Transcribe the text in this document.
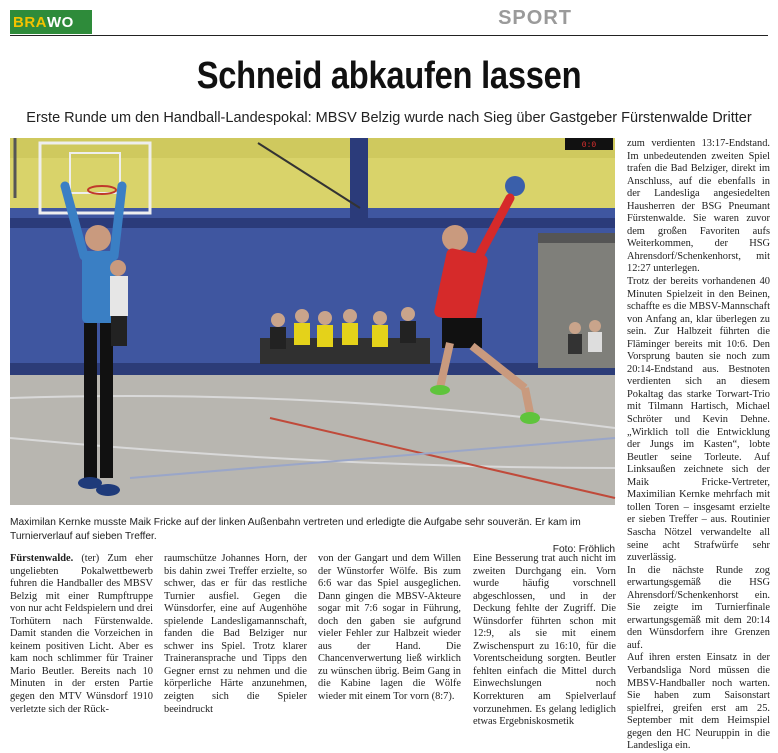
BRA WO	SPORT
Schneid abkaufen lassen
Erste Runde um den Handball-Landespokal: MBSV Belzig wurde nach Sieg über Gastgeber Fürstenwalde Dritter
0:0
Maximilan Kernke musste Maik Fricke auf der linken Außenbahn vertreten und erledigte die Aufgabe sehr souverän. Er kam im Turnierverlauf auf sieben Treffer.
Foto: Fröhlich

Fürstenwalde. (ter) Zum eher ungeliebten Pokalwettbewerb fuhren die Handballer des MBSV Belzig mit einer Rumpftruppe von nur acht Feldspielern und drei Torhütern nach Fürstenwalde. Damit standen die Vorzeichen in keinem positiven Licht. Aber es kam noch schlimmer für Trainer Mario Beutler. Bereits nach 10 Minuten in der ersten Partie gegen den MTV Wünsdorf 1910 verletzte sich der Rück-

raumschütze Johannes Horn, der bis dahin zwei Treffer erzielte, so schwer, das er für das restliche Turnier ausfiel. Gegen die Wünsdorfer, eine auf Augenhöhe spielende Landesligamannschaft, fanden die Bad Belziger nur schwer ins Spiel. Trotz klarer Traineransprache und Tipps den Gegner ernst zu nehmen und die körperliche Härte anzunehmen, zeigten sich die Spieler beeindruckt

von der Gangart und dem Willen der Wünstorfer Wölfe. Bis zum 6:6 war das Spiel ausgeglichen. Dann gingen die MBSV-Akteure sogar mit 7:6 sogar in Führung, doch den gaben sie aufgrund vieler Fehler zur Halbzeit wieder aus der Hand. Die Chancenverwertung ließ wirklich zu wünschen übrig. Beim Gang in die Kabine lagen die Wölfe wieder mit einem Tor vorn (8:7).

Eine Besserung trat auch nicht im zweiten Durchgang ein. Vorn wurde häufig vorschnell abgeschlossen, und in der Deckung fehlte der Zugriff. Die Wünsdorfer führten schon mit 12:9, als sie mit einem Zwischenspurt zu 16:10, für die Vorentscheidung sorgten. Beutler fehlten einfach die Mittel durch Einwechslungen noch Korrekturen am Spielverlauf vorzunehmen. Es gelang lediglich etwas Ergebniskosmetik

zum verdienten 13:17-Endstand. Im unbedeutenden zweiten Spiel trafen die Bad Belziger, direkt im Anschluss, auf die ebenfalls in der Landesliga angesiedelten Hausherren der BSG Pneumant Fürstenwalde. Sie waren zuvor dem großen Favoriten aufs Weiterkommen, der HSG Ahrensdorf/Schenkenhorst, mit 12:27 unterlegen.

Trotz der bereits vorhandenen 40 Minuten Spielzeit in den Beinen, schaffte es die MBSV-Mannschaft von Anfang an, klar überlegen zu sein. Zur Halbzeit führten die Fläminger bereits mit 10:6. Den Vorsprung bauten sie noch zum 20:14-Endstand aus. Bestnoten verdienten sich an diesem Pokaltag das starke Torwart-Trio mit Tilmann Hartisch, Michael Schröter und Kevin Dehne. „Wirklich toll die Entwicklung der Jungs im Kasten“, lobte Beutler seine Torleute. Auf Linksaußen zeichnete sich der Maik Fricke-Vertreter, Maximilian Kernke mehrfach mit tollen Toren – insgesamt erzielte er sieben Treffer – aus. Routinier Sascha Nötzel verwandelte all seine acht Strafwürfe sehr zuverlässig.

In die nächste Runde zog erwartungsgemäß die HSG Ahrensdorf/Schenkenhorst ein. Sie zeigte im Turnierfinale erwartungsgemäß mit dem 20:14 den Wünsdorfern ihre Grenzen auf.

Auf ihren ersten Einsatz in der Verbandsliga Nord müssen die MBSV-Handballer noch warten. Sie haben zum Saisonstart spielfrei, greifen erst am 25. September mit dem Heimspiel gegen den HC Neuruppin in die Landesliga ein.
